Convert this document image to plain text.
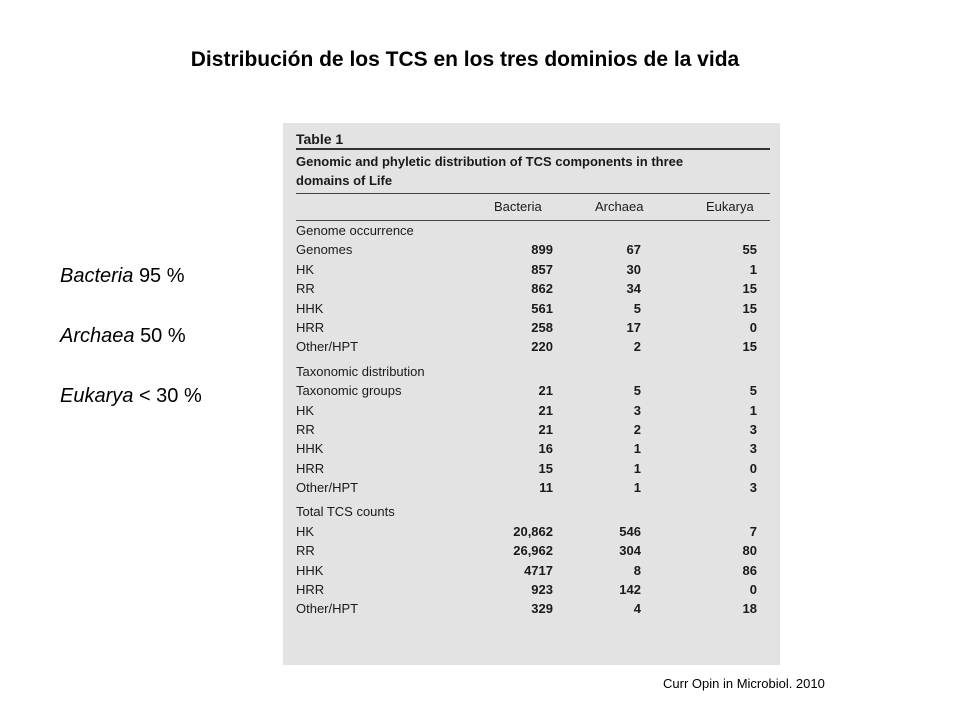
Distribución de los TCS en los tres dominios de la vida
Bacteria 95 %
Archaea 50 %
Eukarya < 30 %
Table 1
Genomic and phyletic distribution of TCS components in three
domains of Life
Bacteria	Archaea	Eukarya
Genome occurrence
Genomes	899	67	55
HK	857	30	1
RR	862	34	15
HHK	561	5	15
HRR	258	17	0
Other/HPT	220	2	15
Taxonomic distribution
Taxonomic groups	21	5	5
HK	21	3	1
RR	21	2	3
HHK	16	1	3
HRR	15	1	0
Other/HPT	11	1	3
Total TCS counts
HK	20,862	546	7
RR	26,962	304	80
HHK	4717	8	86
HRR	923	142	0
Other/HPT	329	4	18
Curr Opin in Microbiol. 2010
